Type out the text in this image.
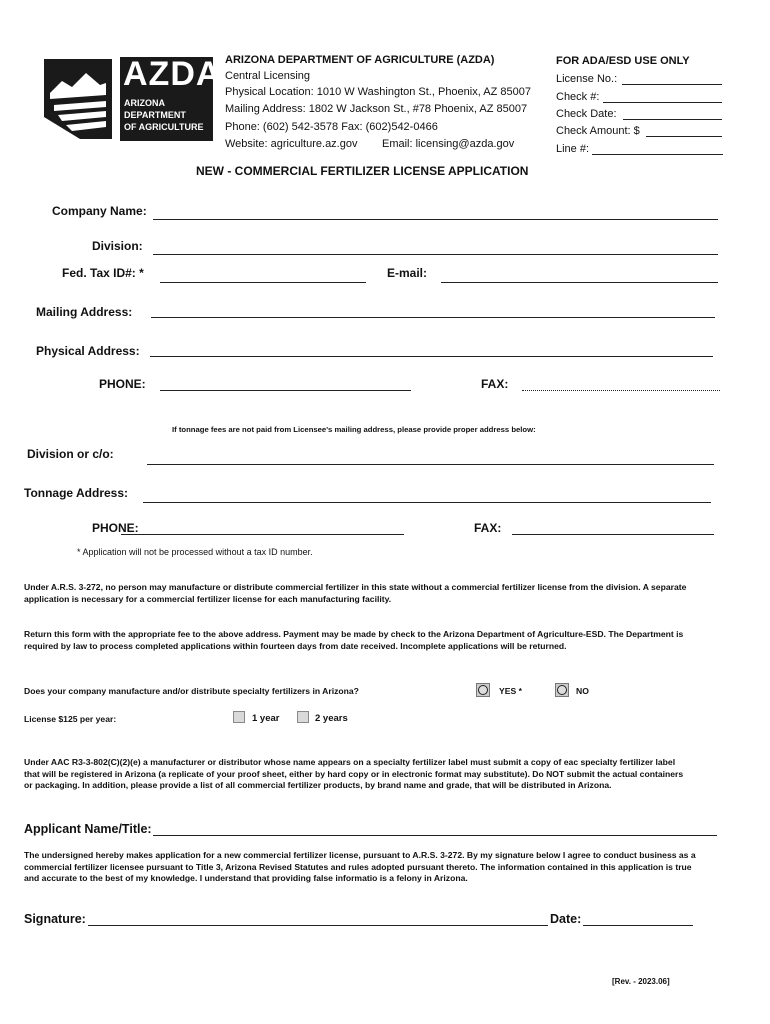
AZDA
ARIZONA
DEPARTMENT
OF AGRICULTURE
ARIZONA DEPARTMENT OF AGRICULTURE (AZDA)
Central Licensing
Physical Location: 1010 W Washington St., Phoenix, AZ 85007
Mailing Address: 1802 W Jackson St., #78 Phoenix, AZ 85007
Phone: (602) 542-3578 Fax: (602)542-0466
Website: agriculture.az.gov Email: licensing@azda.gov
FOR ADA/ESD USE ONLY
License No.:
Check #:
Check Date:
Check Amount: $
Line #:
NEW - COMMERCIAL FERTILIZER LICENSE APPLICATION
Company Name:
Division:
Fed. Tax ID#: *	E-mail:
Mailing Address:
Physical Address:
PHONE:	FAX:
If tonnage fees are not paid from Licensee's mailing address, please provide proper address below:
Division or c/o:
Tonnage Address:
PHONE:	FAX:
* Application will not be processed without a tax ID number.
Under A.R.S. 3-272, no person may manufacture or distribute commercial fertilizer in this state without a commercial fertilizer license from the division. A separate application is necessary for a commercial fertilizer license for each manufacturing facility.
Return this form with the appropriate fee to the above address. Payment may be made by check to the Arizona Department of Agriculture-ESD. The Department is required by law to process completed applications within fourteen days from date received. Incomplete applications will be returned.
Does your company manufacture and/or distribute specialty fertilizers in Arizona?	YES *	NO
License $125 per year:	1 year	2 years
Under AAC R3-3-802(C)(2)(e) a manufacturer or distributor whose name appears on a specialty fertilizer label must submit a copy of eac specialty fertilizer label that will be registered in Arizona (a replicate of your proof sheet, either by hard copy or in electronic format may substitute). Do NOT submit the actual containers or packaging. In addition, please provide a list of all commercial fertilizer products, by brand name and grade, that will be distributed in Arizona.
Applicant Name/Title:
The undersigned hereby makes application for a new commercial fertilizer license, pursuant to A.R.S. 3-272. By my signature below I agree to conduct business as a commercial fertilizer licensee pursuant to Title 3, Arizona Revised Statutes and rules adopted pursuant thereto. The information contained in this application is true and accurate to the best of my knowledge. I understand that providing false informatio is a felony in Arizona.
Signature:	Date:
[Rev. - 2023.06]
